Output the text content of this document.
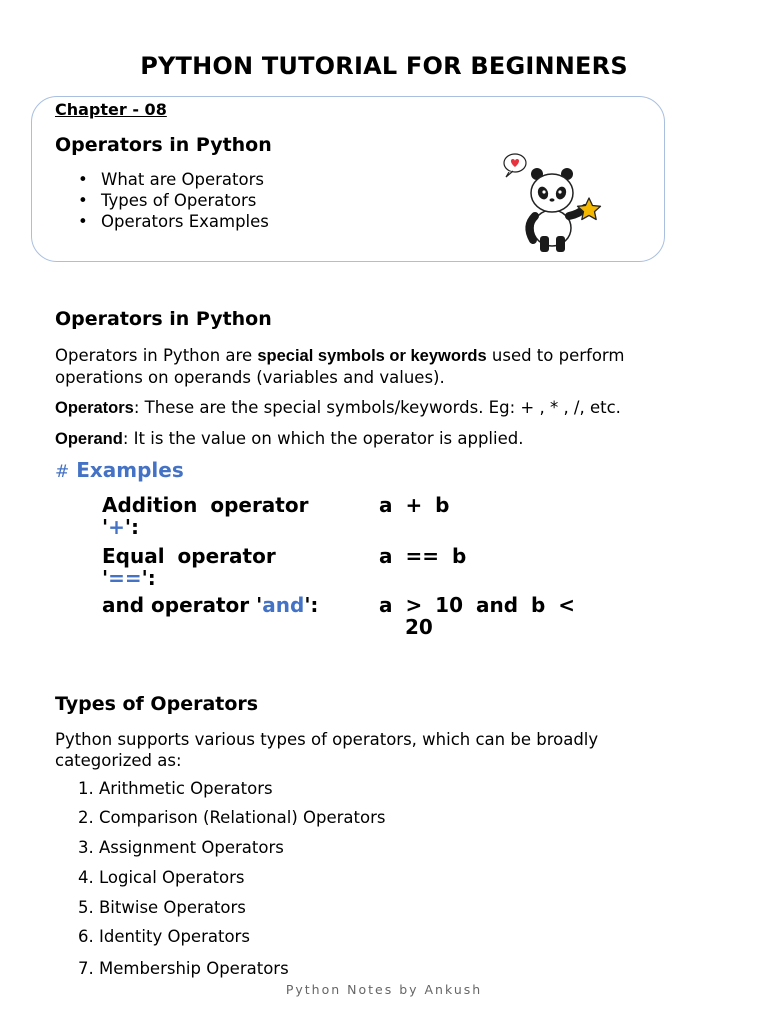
PYTHON TUTORIAL FOR BEGINNERS
Chapter - 08
Operators in Python
• What are Operators
• Types of Operators
• Operators Examples
Operators in Python
Operators in Python are special symbols or keywords used to perform
operations on operands (variables and values).
Operators: These are the special symbols/keywords. Eg: + , * , /, etc.
Operand: It is the value on which the operator is applied.
# Examples
Addition operator
'+':
a + b
Equal operator
'==':
a == b
and operator 'and':	a > 10 and b <
20
Types of Operators
Python supports various types of operators, which can be broadly
categorized as:
1. Arithmetic Operators
2. Comparison (Relational) Operators
3. Assignment Operators
4. Logical Operators
5. Bitwise Operators
6. Identity Operators
7. Membership Operators
Python Notes by Ankush
